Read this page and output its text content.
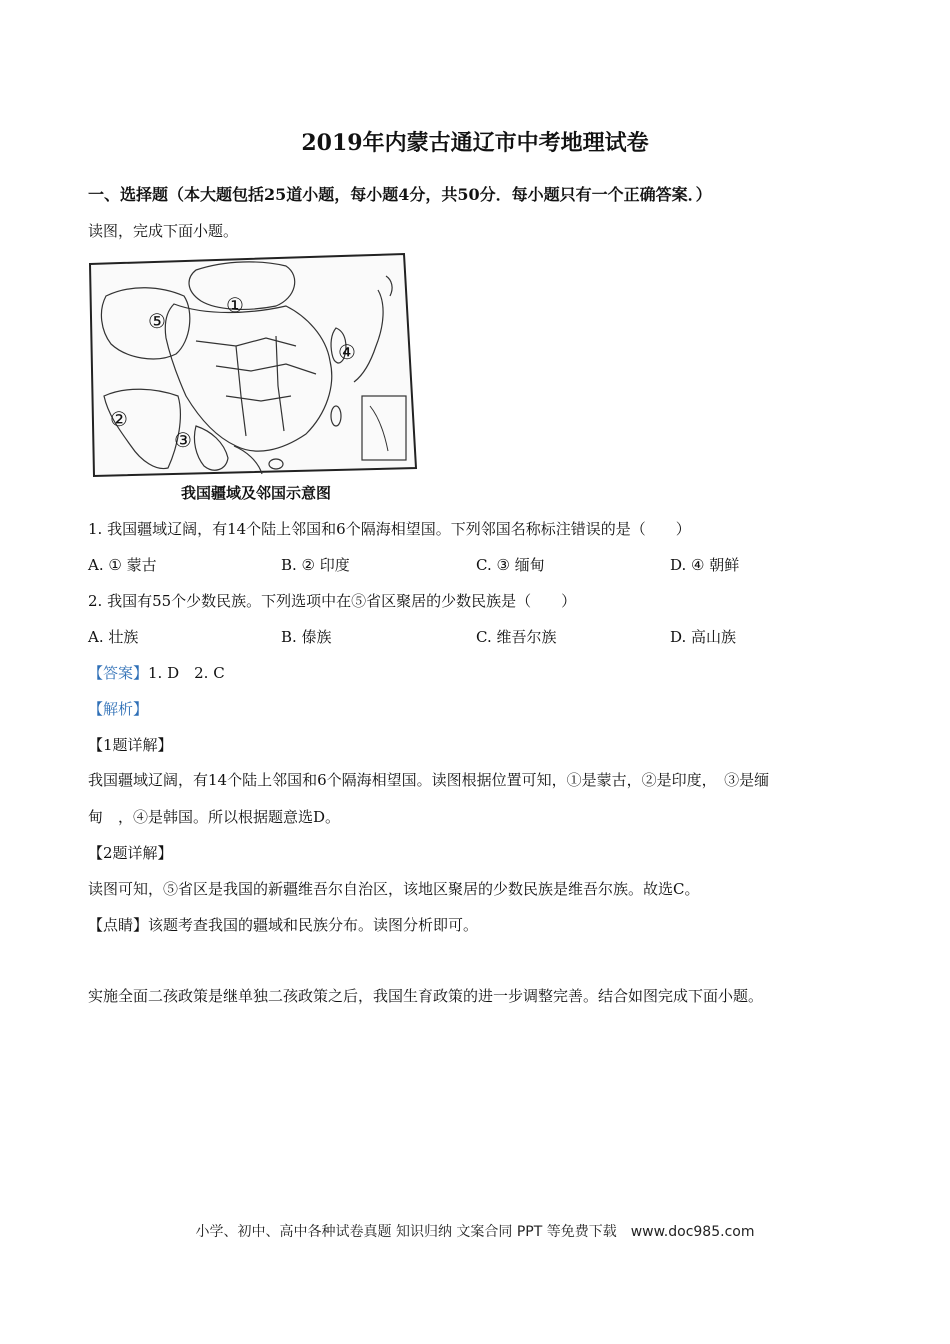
2019年内蒙古通辽市中考地理试卷
一、选择题（本大题包括25道小题，每小题4分，共50分．每小题只有一个正确答案．）
读图，完成下面小题。
①
②
③
④
⑤
我国疆域及邻国示意图
1. 我国疆域辽阔，有14个陆上邻国和6个隔海相望国。下列邻国名称标注错误的是（　　）
A. ① 蒙古	B. ② 印度	C. ③ 缅甸	D. ④ 朝鲜
2. 我国有55个少数民族。下列选项中在⑤省区聚居的少数民族是（　　）
A. 壮族	B. 傣族	C. 维吾尔族	D. 高山族
【答案】1. D　2. C
【解析】
【1题详解】
我国疆域辽阔，有14个陆上邻国和6个隔海相望国。读图根据位置可知，①是蒙古，②是印度，　③是缅
甸　，④是韩国。所以根据题意选D。
【2题详解】
读图可知，⑤省区是我国的新疆维吾尔自治区，该地区聚居的少数民族是维吾尔族。故选C。
【点睛】该题考查我国的疆域和民族分布。读图分析即可。
实施全面二孩政策是继单独二孩政策之后，我国生育政策的进一步调整完善。结合如图完成下面小题。
小学、初中、高中各种试卷真题 知识归纳 文案合同 PPT 等免费下载　www.doc985.com
